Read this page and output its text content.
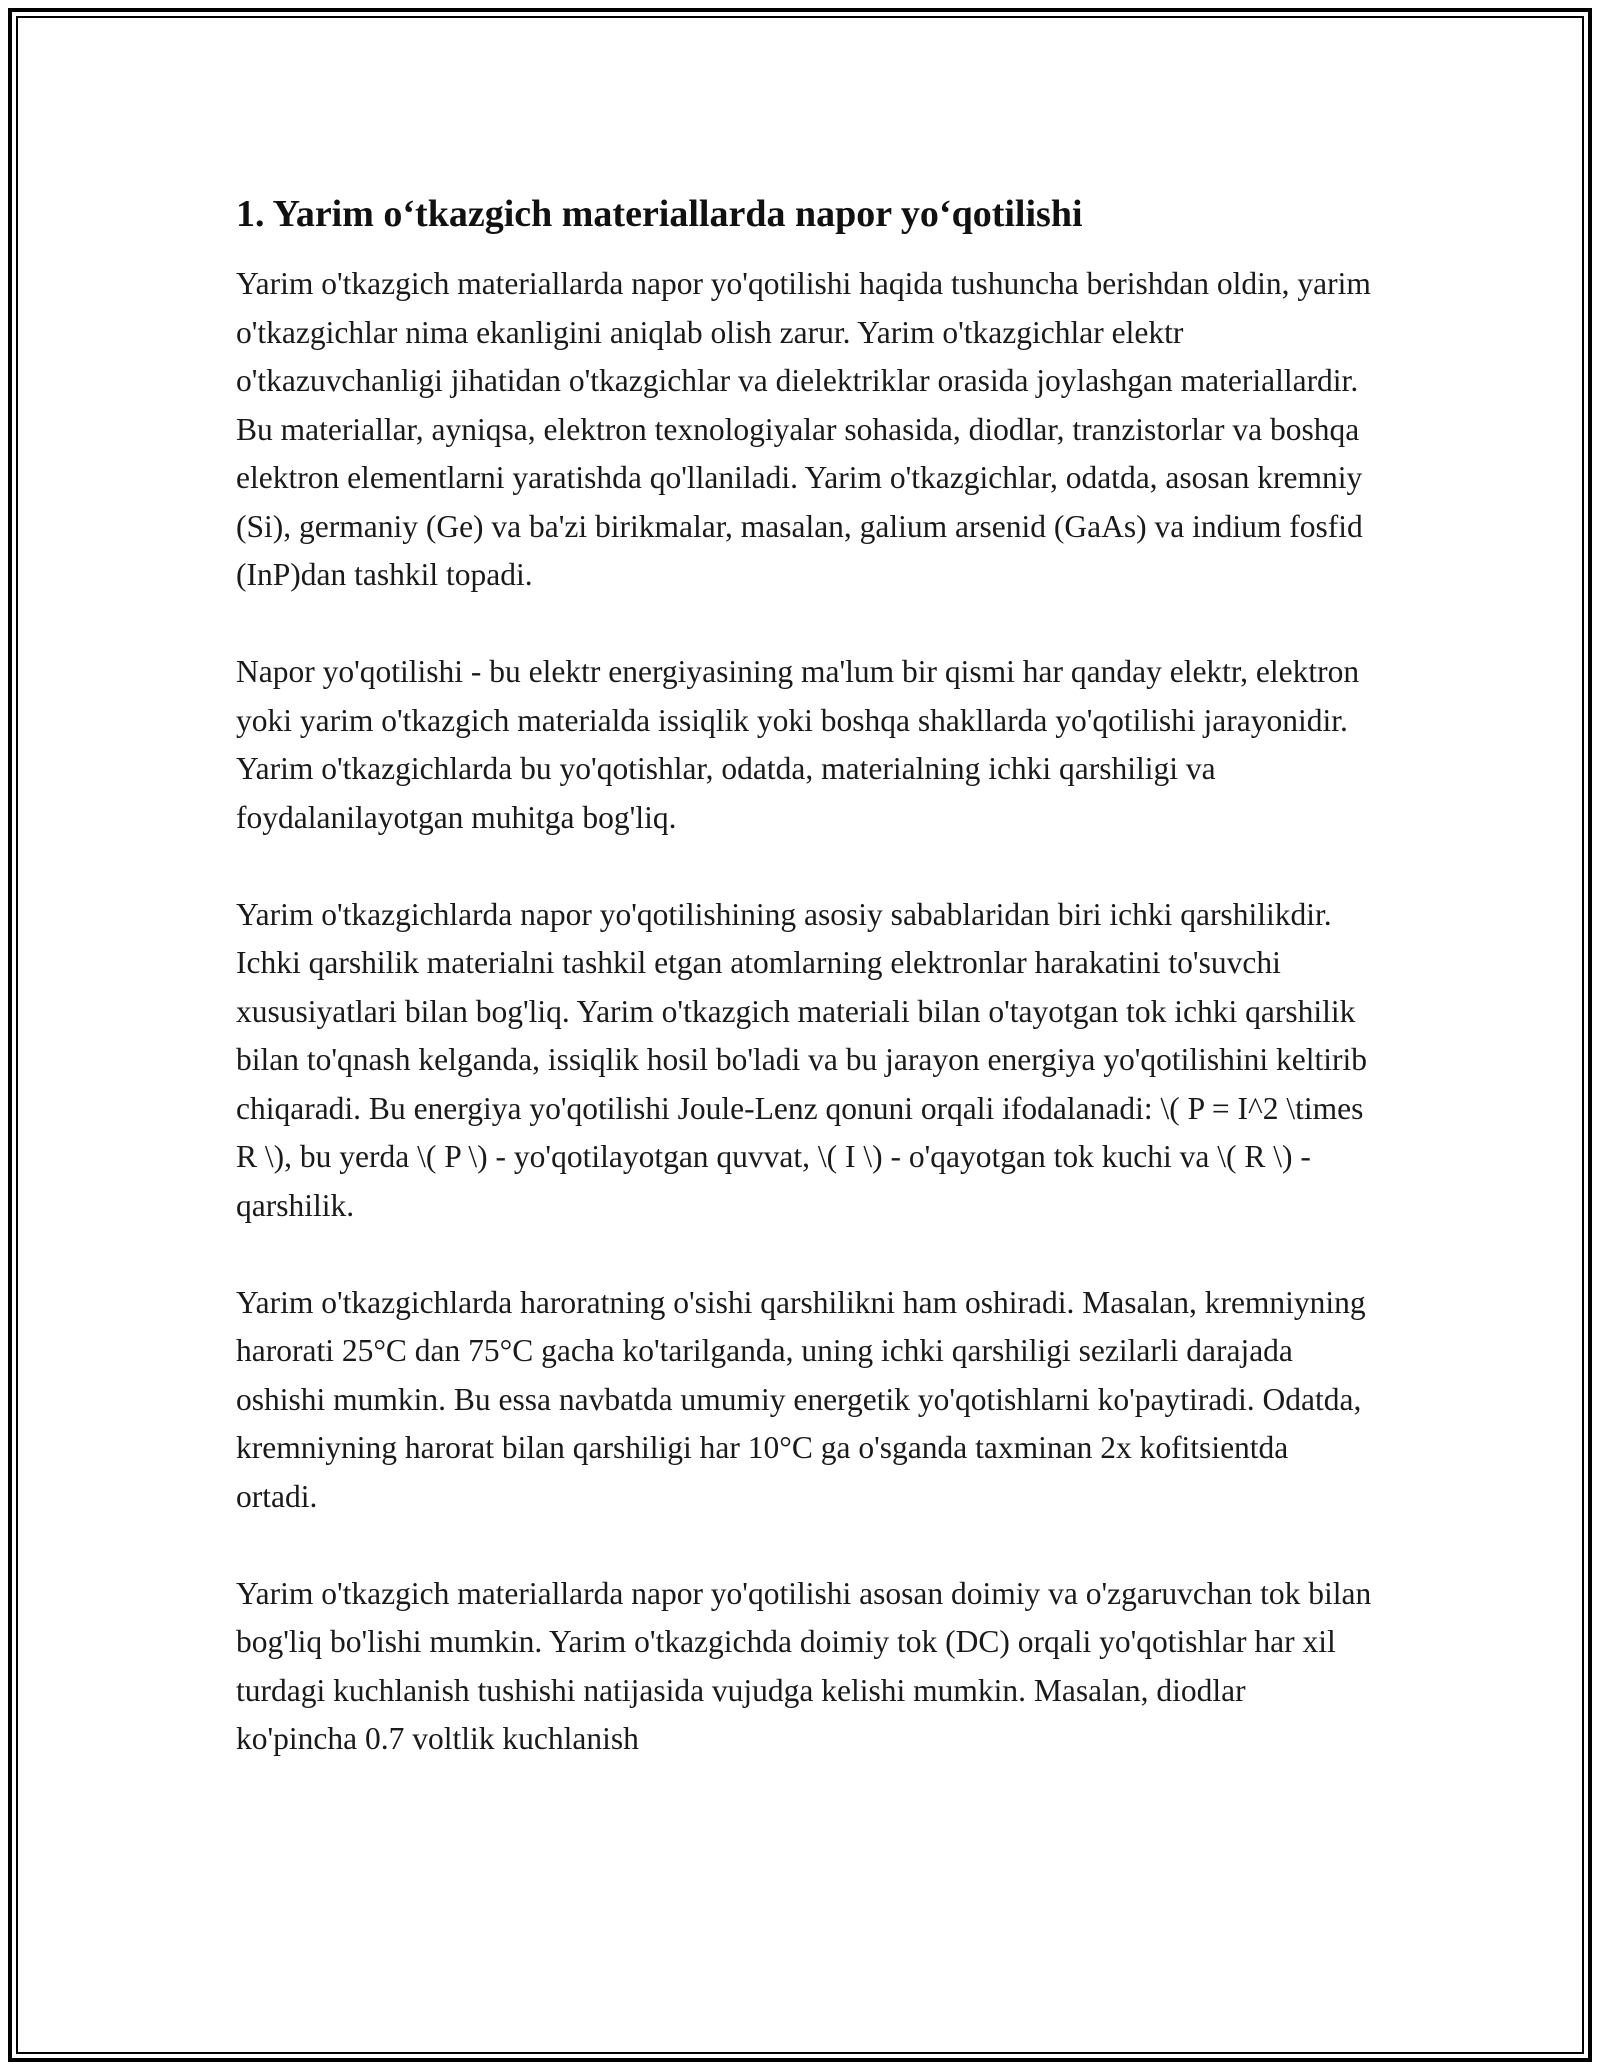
1. Yarim o‘tkazgich materiallarda napor yo‘qotilishi

Yarim o'tkazgich materiallarda napor yo'qotilishi haqida tushuncha berishdan oldin, yarim o'tkazgichlar nima ekanligini aniqlab olish zarur. Yarim o'tkazgichlar elektr o'tkazuvchanligi jihatidan o'tkazgichlar va dielektriklar orasida joylashgan materiallardir. Bu materiallar, ayniqsa, elektron texnologiyalar sohasida, diodlar, tranzistorlar va boshqa elektron elementlarni yaratishda qo'llaniladi. Yarim o'tkazgichlar, odatda, asosan kremniy (Si), germaniy (Ge) va ba'zi birikmalar, masalan, galium arsenid (GaAs) va indium fosfid (InP)dan tashkil topadi.

Napor yo'qotilishi - bu elektr energiyasining ma'lum bir qismi har qanday elektr, elektron yoki yarim o'tkazgich materialda issiqlik yoki boshqa shakllarda yo'qotilishi jarayonidir. Yarim o'tkazgichlarda bu yo'qotishlar, odatda, materialning ichki qarshiligi va foydalanilayotgan muhitga bog'liq.

Yarim o'tkazgichlarda napor yo'qotilishining asosiy sabablaridan biri ichki qarshilikdir. Ichki qarshilik materialni tashkil etgan atomlarning elektronlar harakatini to'suvchi xususiyatlari bilan bog'liq. Yarim o'tkazgich materiali bilan o'tayotgan tok ichki qarshilik bilan to'qnash kelganda, issiqlik hosil bo'ladi va bu jarayon energiya yo'qotilishini keltirib chiqaradi. Bu energiya yo'qotilishi Joule-Lenz qonuni orqali ifodalanadi: \( P = I^2 \times R \), bu yerda \( P \) - yo'qotilayotgan quvvat, \( I \) - o'qayotgan tok kuchi va \( R \) - qarshilik.

Yarim o'tkazgichlarda haroratning o'sishi qarshilikni ham oshiradi. Masalan, kremniyning harorati 25°C dan 75°C gacha ko'tarilganda, uning ichki qarshiligi sezilarli darajada oshishi mumkin. Bu essa navbatda umumiy energetik yo'qotishlarni ko'paytiradi. Odatda, kremniyning harorat bilan qarshiligi har 10°C ga o'sganda taxminan 2x kofitsientda ortadi.

Yarim o'tkazgich materiallarda napor yo'qotilishi asosan doimiy va o'zgaruvchan tok bilan bog'liq bo'lishi mumkin. Yarim o'tkazgichda doimiy tok (DC) orqali yo'qotishlar har xil turdagi kuchlanish tushishi natijasida vujudga kelishi mumkin. Masalan, diodlar ko'pincha 0.7 voltlik kuchlanish
